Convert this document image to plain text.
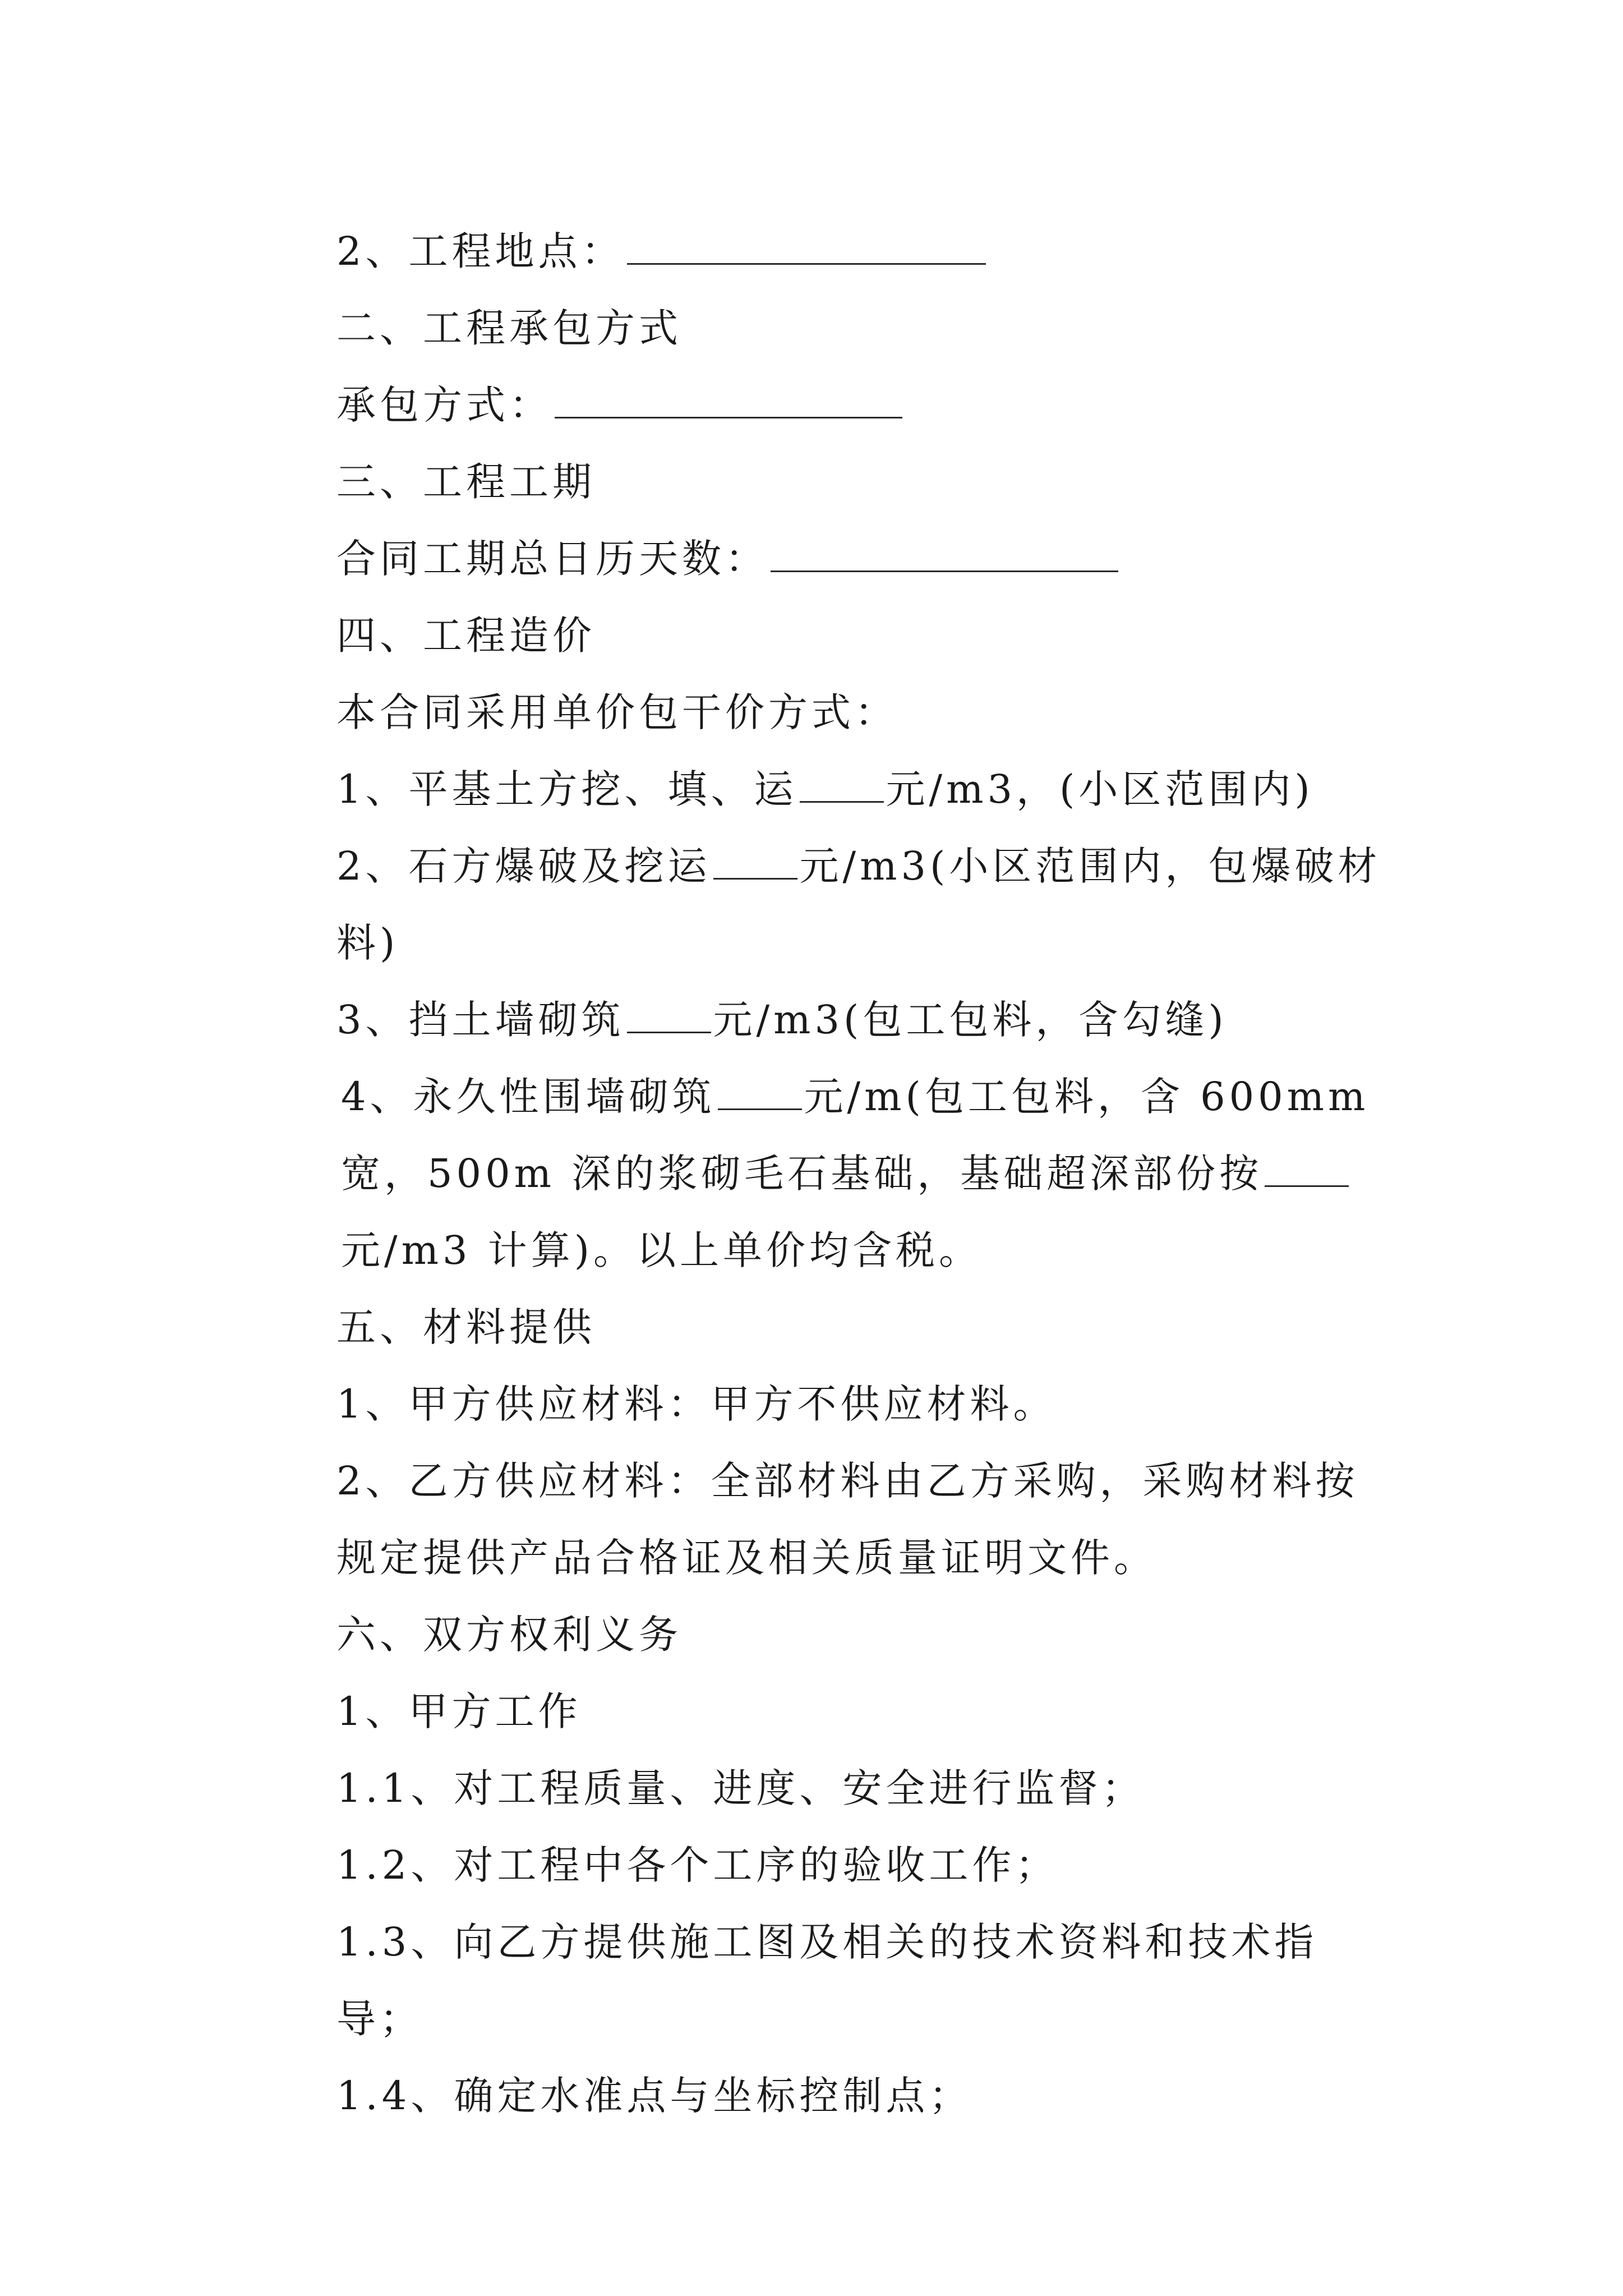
2、工程地点：

二、工程承包方式

承包方式：

三、工程工期

合同工期总日历天数：

四、工程造价

本合同采用单价包干价方式：

1、平基土方挖、填、运 元/m3，(小区范围内)

2、石方爆破及挖运 元/m3(小区范围内，包爆破材料)

3、挡土墙砌筑 元/m3(包工包料，含勾缝)

4、永久性围墙砌筑 元/m(包工包料，含 600mm 宽，500m 深的浆砌毛石基础，基础超深部份按元/m3 计算)。以上单价均含税。

五、材料提供

1、甲方供应材料：甲方不供应材料。

2、乙方供应材料：全部材料由乙方采购，采购材料按规定提供产品合格证及相关质量证明文件。

六、双方权利义务

1、甲方工作

1.1、对工程质量、进度、安全进行监督；

1.2、对工程中各个工序的验收工作；

1.3、向乙方提供施工图及相关的技术资料和技术指导；

1.4、确定水准点与坐标控制点；
